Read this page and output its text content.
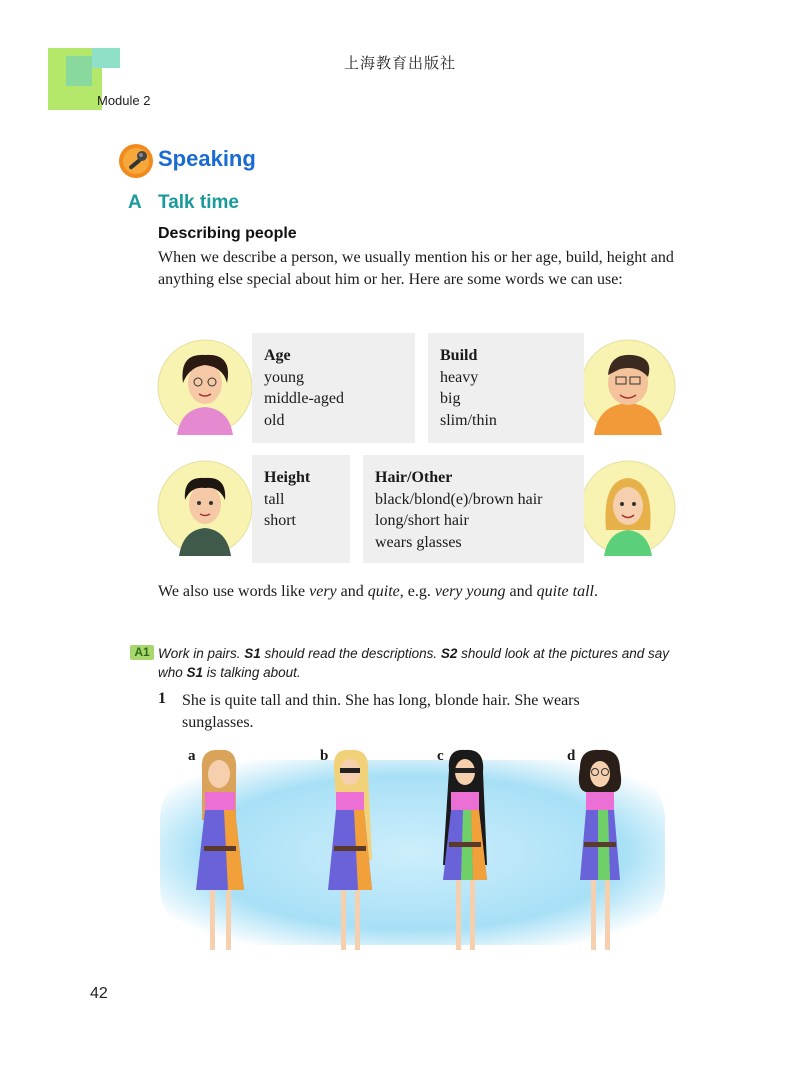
上海教育出版社
Module 2
Speaking
A Talk time
Describing people
When we describe a person, we usually mention his or her age, build, height and anything else special about him or her. Here are some words we can use:
Age
young
middle-aged
old
Build
heavy
big
slim/thin
Height
tall
short
Hair/Other
black/blond(e)/brown hair
long/short hair
wears glasses
We also use words like very and quite, e.g. very young and quite tall.
A1 Work in pairs. S1 should read the descriptions. S2 should look at the pictures and say who S1 is talking about.
1 She is quite tall and thin. She has long, blonde hair. She wears sunglasses.
a	b	c	d
42
